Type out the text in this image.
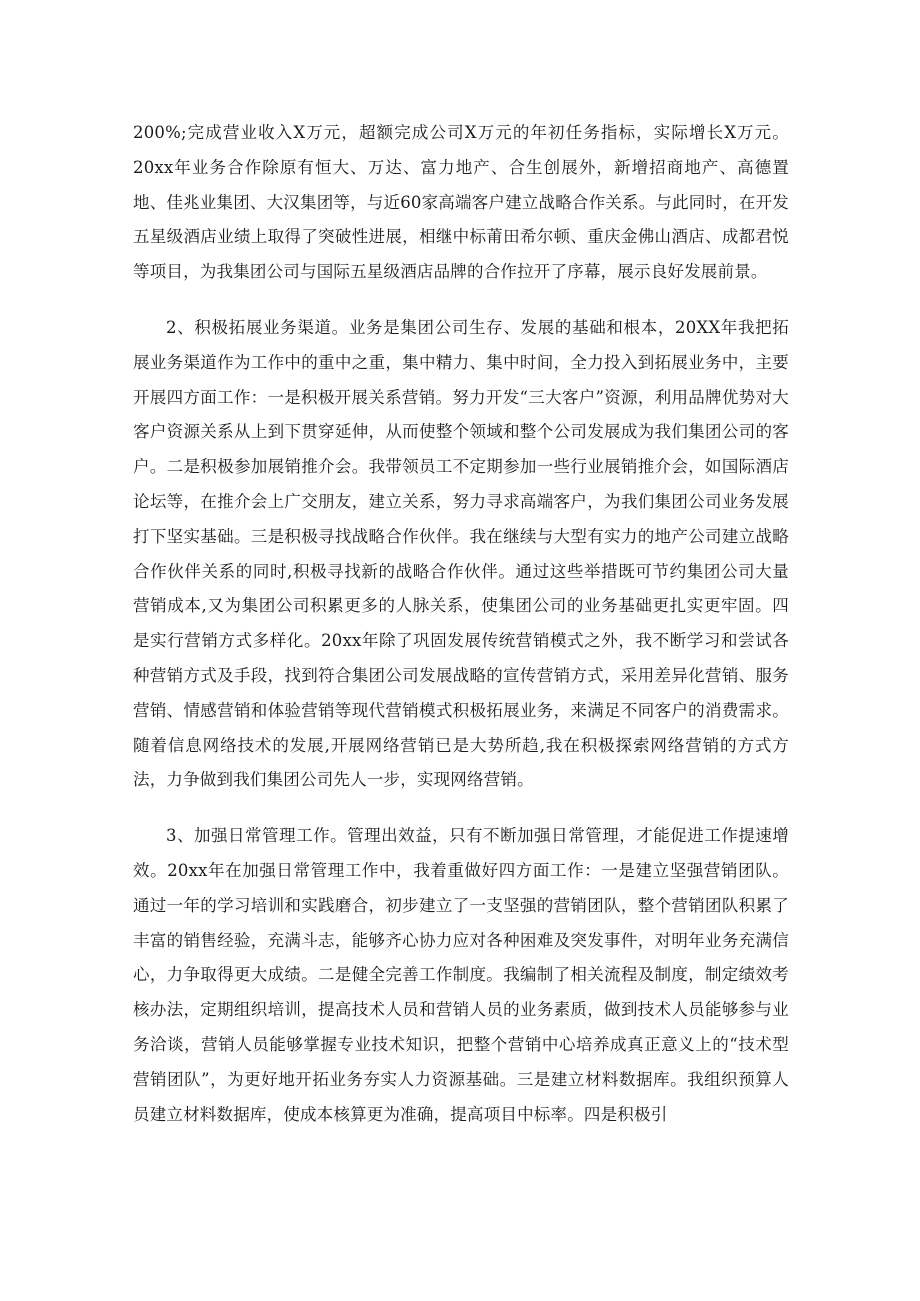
200%;完成营业收入X万元，超额完成公司X万元的年初任务指标，实际增长X万元。20xx年业务合作除原有恒大、万达、富力地产、合生创展外，新增招商地产、高德置地、佳兆业集团、大汉集团等，与近60家高端客户建立战略合作关系。与此同时，在开发五星级酒店业绩上取得了突破性进展，相继中标莆田希尔顿、重庆金佛山酒店、成都君悦等项目，为我集团公司与国际五星级酒店品牌的合作拉开了序幕，展示良好发展前景。

2、积极拓展业务渠道。业务是集团公司生存、发展的基础和根本，20XX年我把拓展业务渠道作为工作中的重中之重，集中精力、集中时间，全力投入到拓展业务中，主要开展四方面工作：一是积极开展关系营销。努力开发“三大客户”资源，利用品牌优势对大客户资源关系从上到下贯穿延伸，从而使整个领域和整个公司发展成为我们集团公司的客户。二是积极参加展销推介会。我带领员工不定期参加一些行业展销推介会，如国际酒店论坛等，在推介会上广交朋友，建立关系，努力寻求高端客户，为我们集团公司业务发展打下坚实基础。三是积极寻找战略合作伙伴。我在继续与大型有实力的地产公司建立战略合作伙伴关系的同时,积极寻找新的战略合作伙伴。通过这些举措既可节约集团公司大量营销成本,又为集团公司积累更多的人脉关系，使集团公司的业务基础更扎实更牢固。四是实行营销方式多样化。20xx年除了巩固发展传统营销模式之外，我不断学习和尝试各种营销方式及手段，找到符合集团公司发展战略的宣传营销方式，采用差异化营销、服务营销、情感营销和体验营销等现代营销模式积极拓展业务，来满足不同客户的消费需求。随着信息网络技术的发展,开展网络营销已是大势所趋,我在积极探索网络营销的方式方法，力争做到我们集团公司先人一步，实现网络营销。

3、加强日常管理工作。管理出效益，只有不断加强日常管理，才能促进工作提速增效。20xx年在加强日常管理工作中，我着重做好四方面工作：一是建立坚强营销团队。通过一年的学习培训和实践磨合，初步建立了一支坚强的营销团队，整个营销团队积累了丰富的销售经验，充满斗志，能够齐心协力应对各种困难及突发事件，对明年业务充满信心，力争取得更大成绩。二是健全完善工作制度。我编制了相关流程及制度，制定绩效考核办法，定期组织培训，提高技术人员和营销人员的业务素质，做到技术人员能够参与业务洽谈，营销人员能够掌握专业技术知识，把整个营销中心培养成真正意义上的“技术型营销团队”，为更好地开拓业务夯实人力资源基础。三是建立材料数据库。我组织预算人员建立材料数据库，使成本核算更为准确，提高项目中标率。四是积极引
